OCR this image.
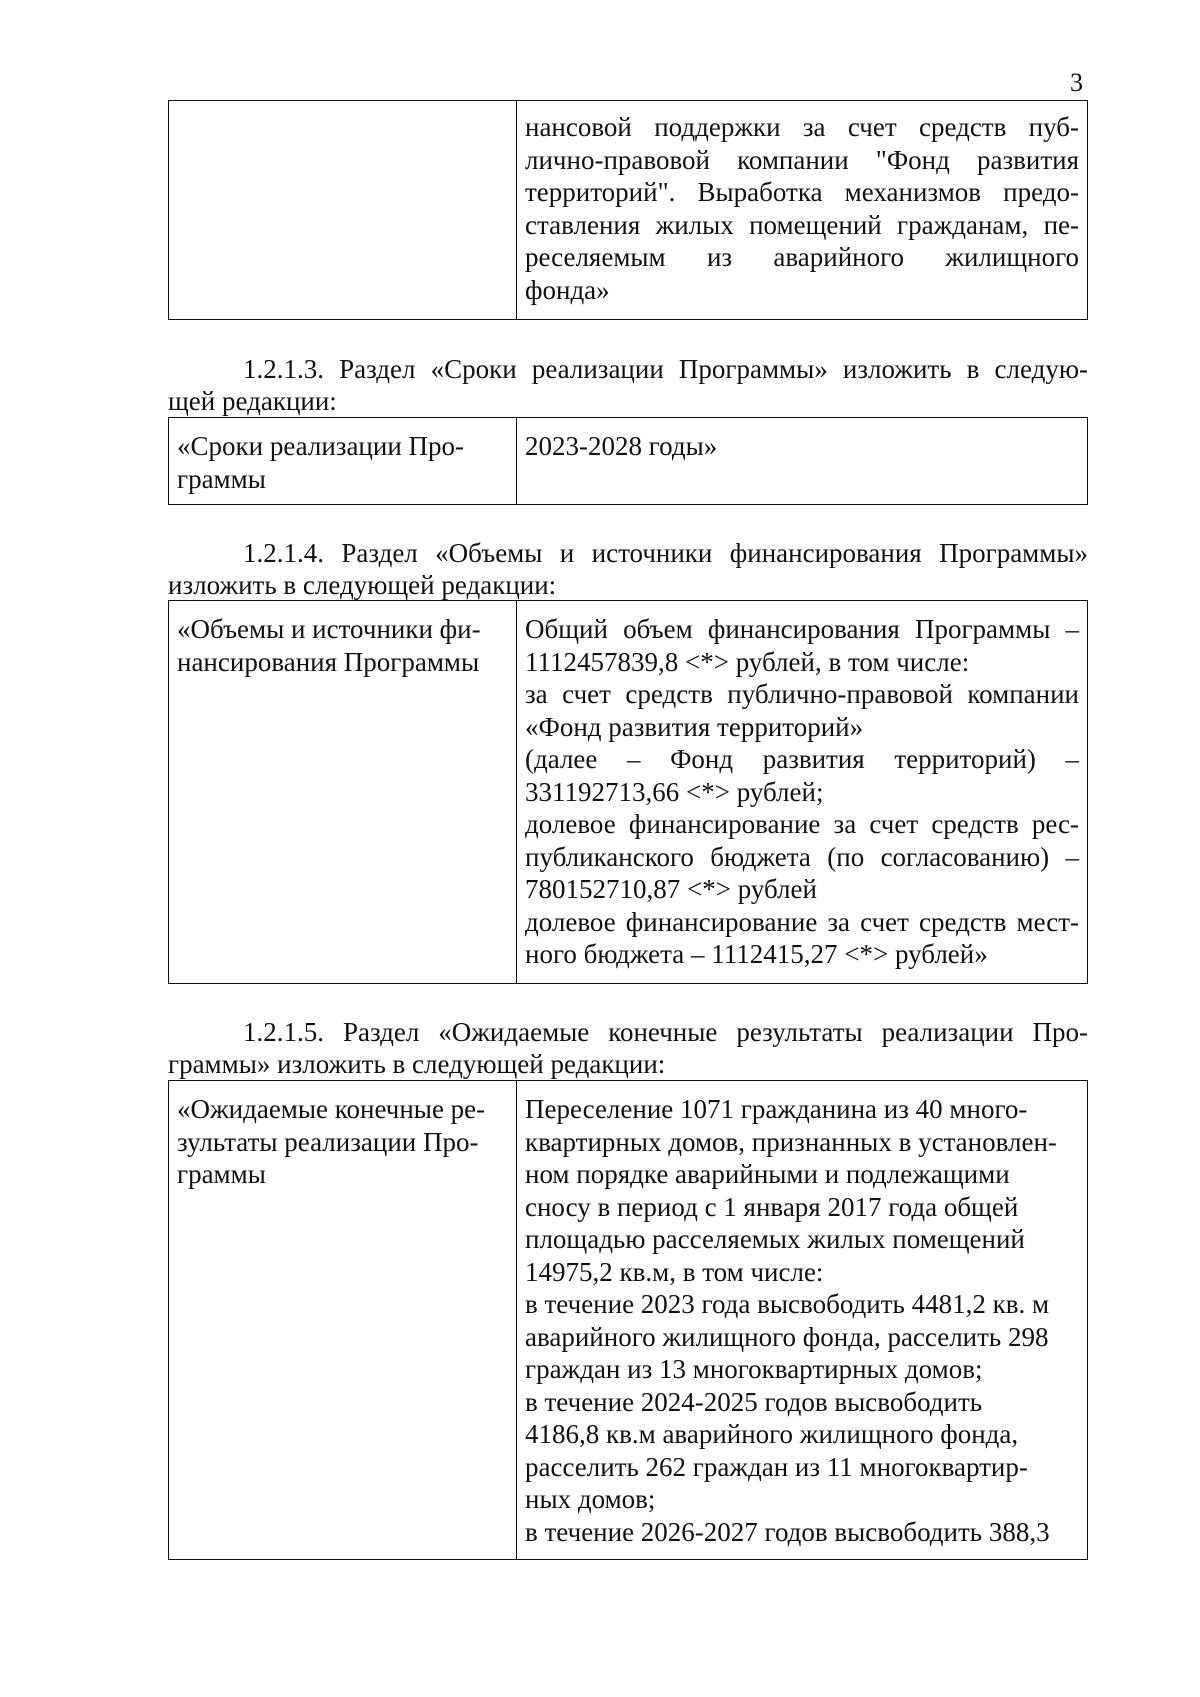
3
нансовой поддержки за счет средств пуб-
лично-правовой компании "Фонд развития
территорий". Выработка механизмов предо-
ставления жилых помещений гражданам, пе-
реселяемым из аварийного жилищного
фонда»
1.2.1.3. Раздел «Сроки реализации Программы» изложить в следую-
щей редакции:
«Сроки реализации Про-
граммы
2023-2028 годы»
1.2.1.4. Раздел «Объемы и источники финансирования Программы»
изложить в следующей редакции:
«Объемы и источники фи-
нансирования Программы
Общий объем финансирования Программы –
1112457839,8 <*> рублей, в том числе:
за счет средств публично-правовой компании
«Фонд развития территорий»
(далее – Фонд развития территорий) –
331192713,66 <*> рублей;
долевое финансирование за счет средств рес-
публиканского бюджета (по согласованию) –
780152710,87 <*> рублей
долевое финансирование за счет средств мест-
ного бюджета – 1112415,27 <*> рублей»
1.2.1.5. Раздел «Ожидаемые конечные результаты реализации Про-
граммы» изложить в следующей редакции:
«Ожидаемые конечные ре-
зультаты реализации Про-
граммы
Переселение 1071 гражданина из 40 много-
квартирных домов, признанных в установлен-
ном порядке аварийными и подлежащими
сносу в период с 1 января 2017 года общей
площадью расселяемых жилых помещений
14975,2 кв.м, в том числе:
в течение 2023 года высвободить 4481,2 кв. м
аварийного жилищного фонда, расселить 298
граждан из 13 многоквартирных домов;
в течение 2024-2025 годов высвободить
4186,8 кв.м аварийного жилищного фонда,
расселить 262 граждан из 11 многоквартир-
ных домов;
в течение 2026-2027 годов высвободить 388,3
